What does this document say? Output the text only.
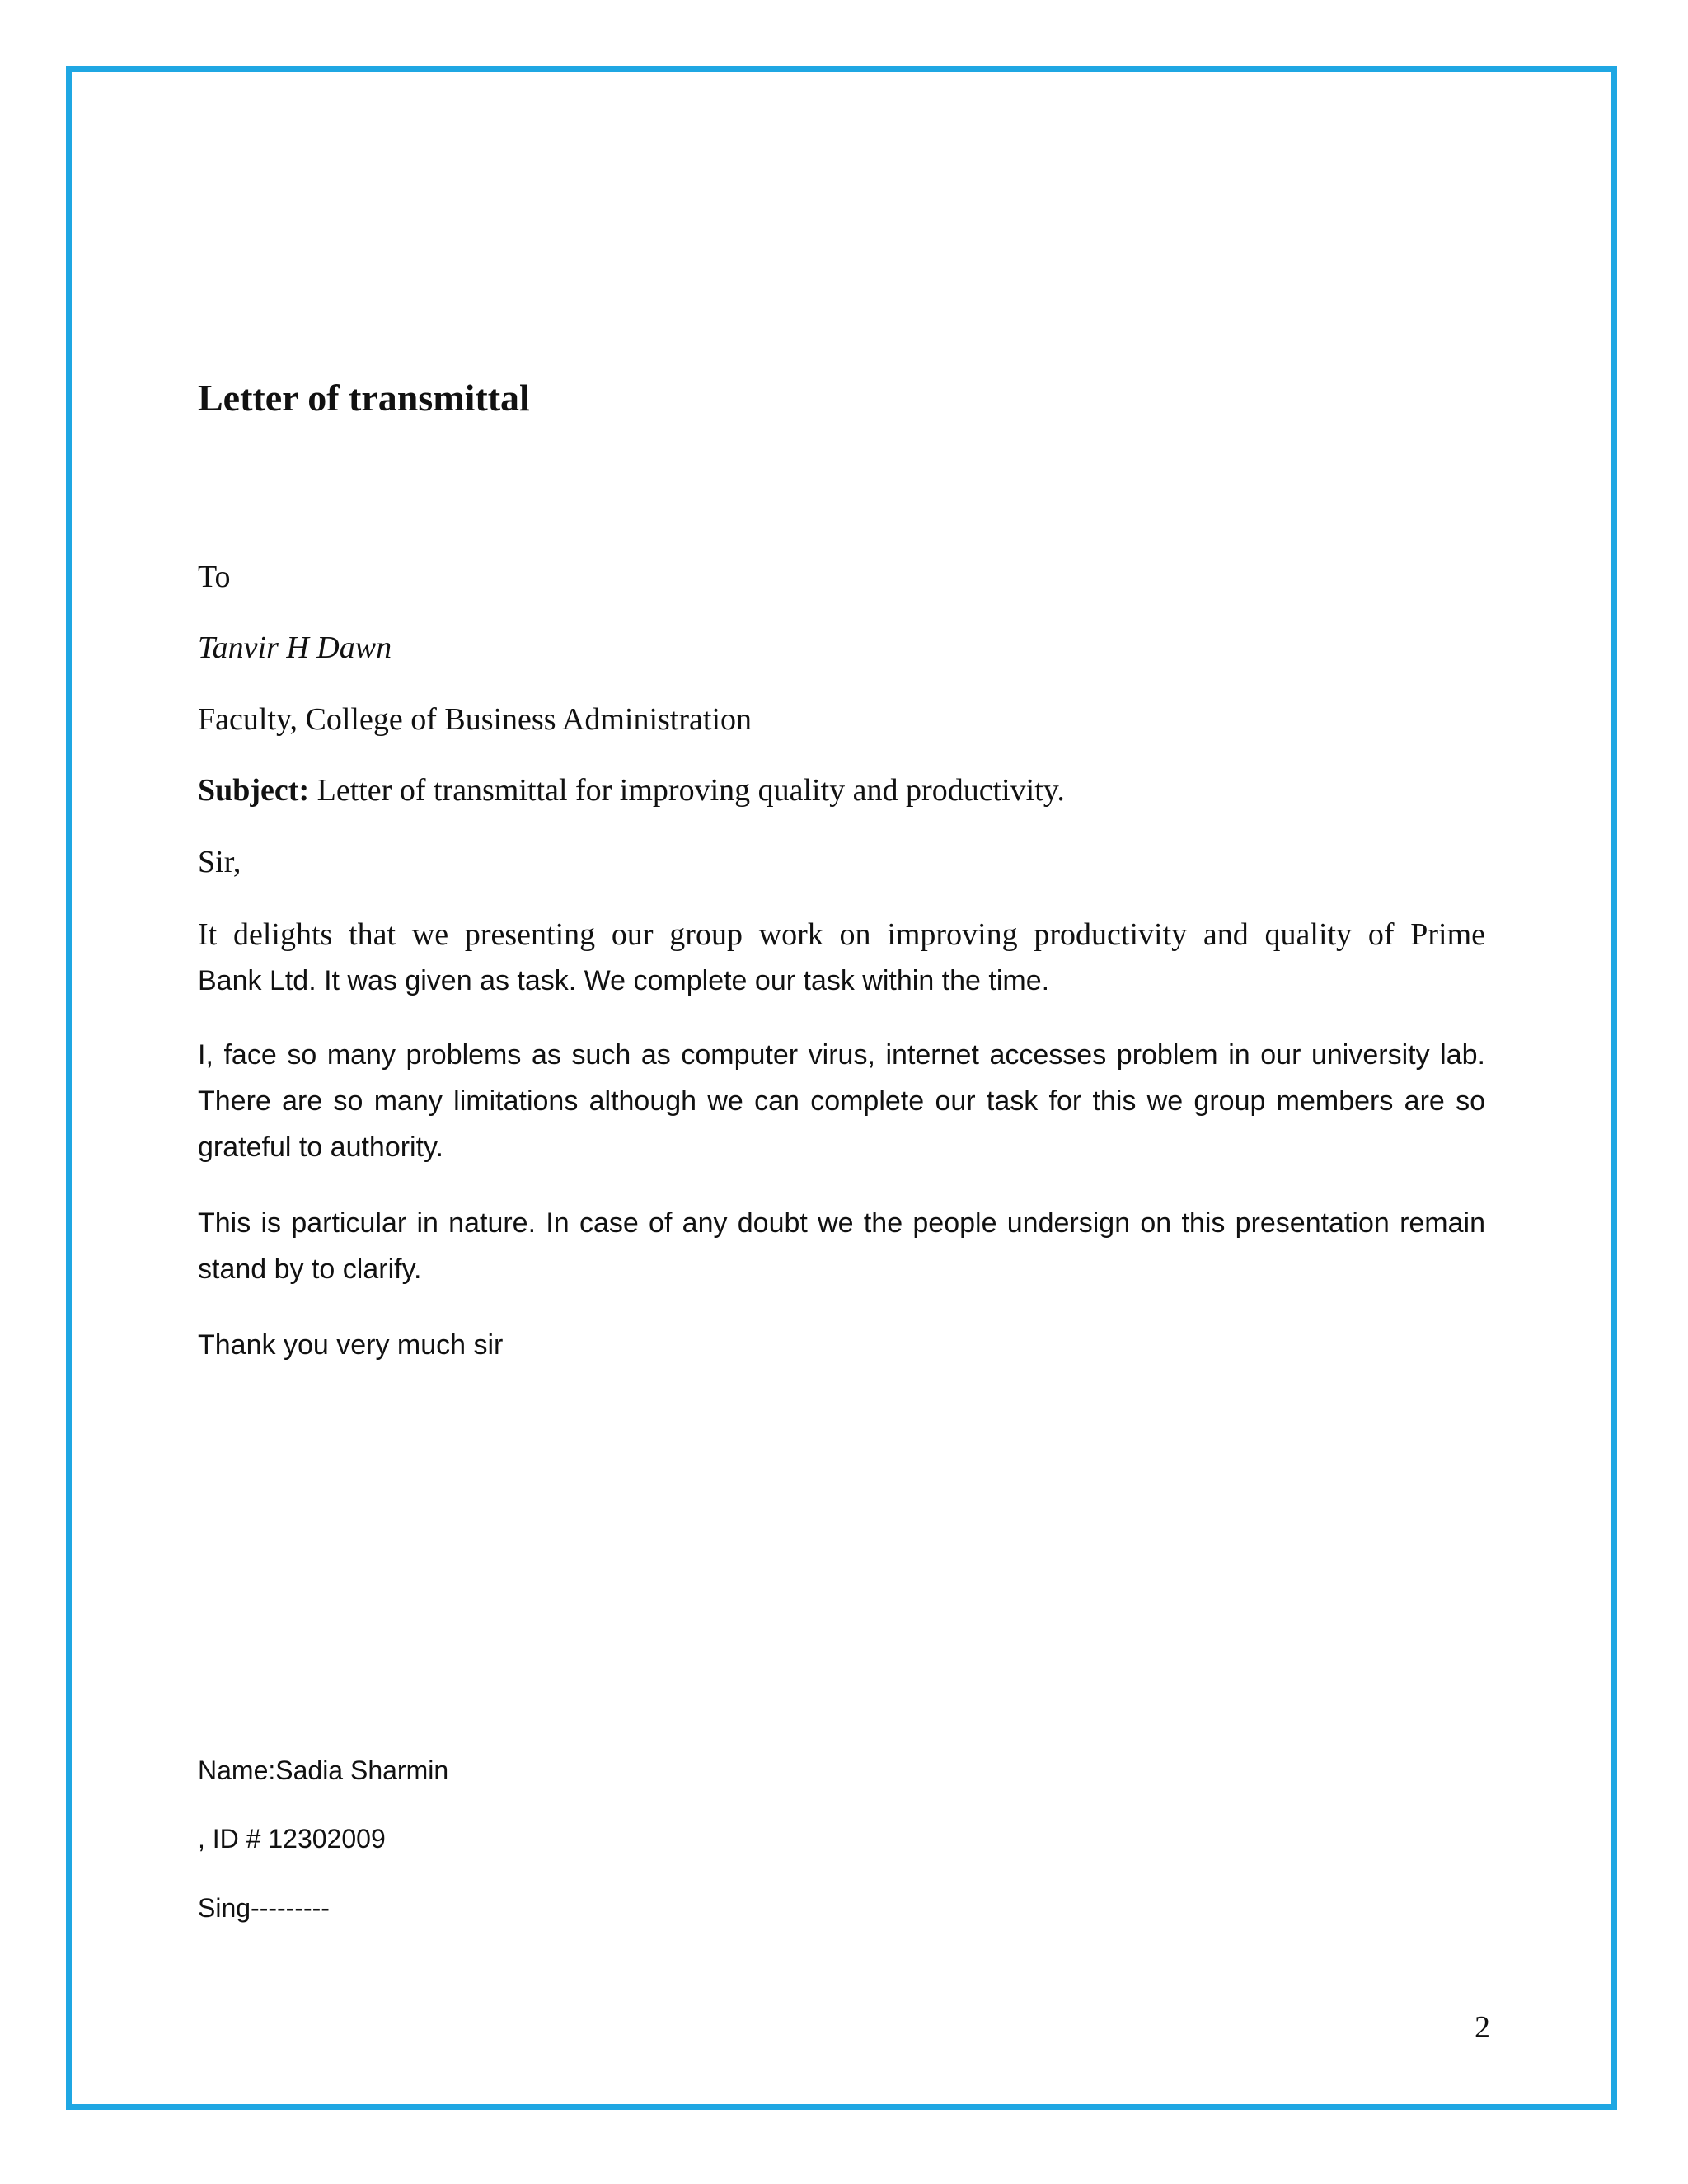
Letter of transmittal

To

Tanvir H Dawn

Faculty, College of Business Administration

Subject: Letter of transmittal for improving quality and productivity.

Sir,

It delights that we presenting our group work on improving productivity and quality of Prime

Bank Ltd. It was given as task. We complete our task within the time.

I, face so many problems as such as computer virus, internet accesses problem in our university lab. There are so many limitations although we can complete our task for this we group members are so grateful to authority.

This is particular in nature. In case of any doubt we the people undersign on this presentation remain stand by to clarify.

Thank you very much sir

Name:Sadia Sharmin

, ID # 12302009

Sing---------

2
